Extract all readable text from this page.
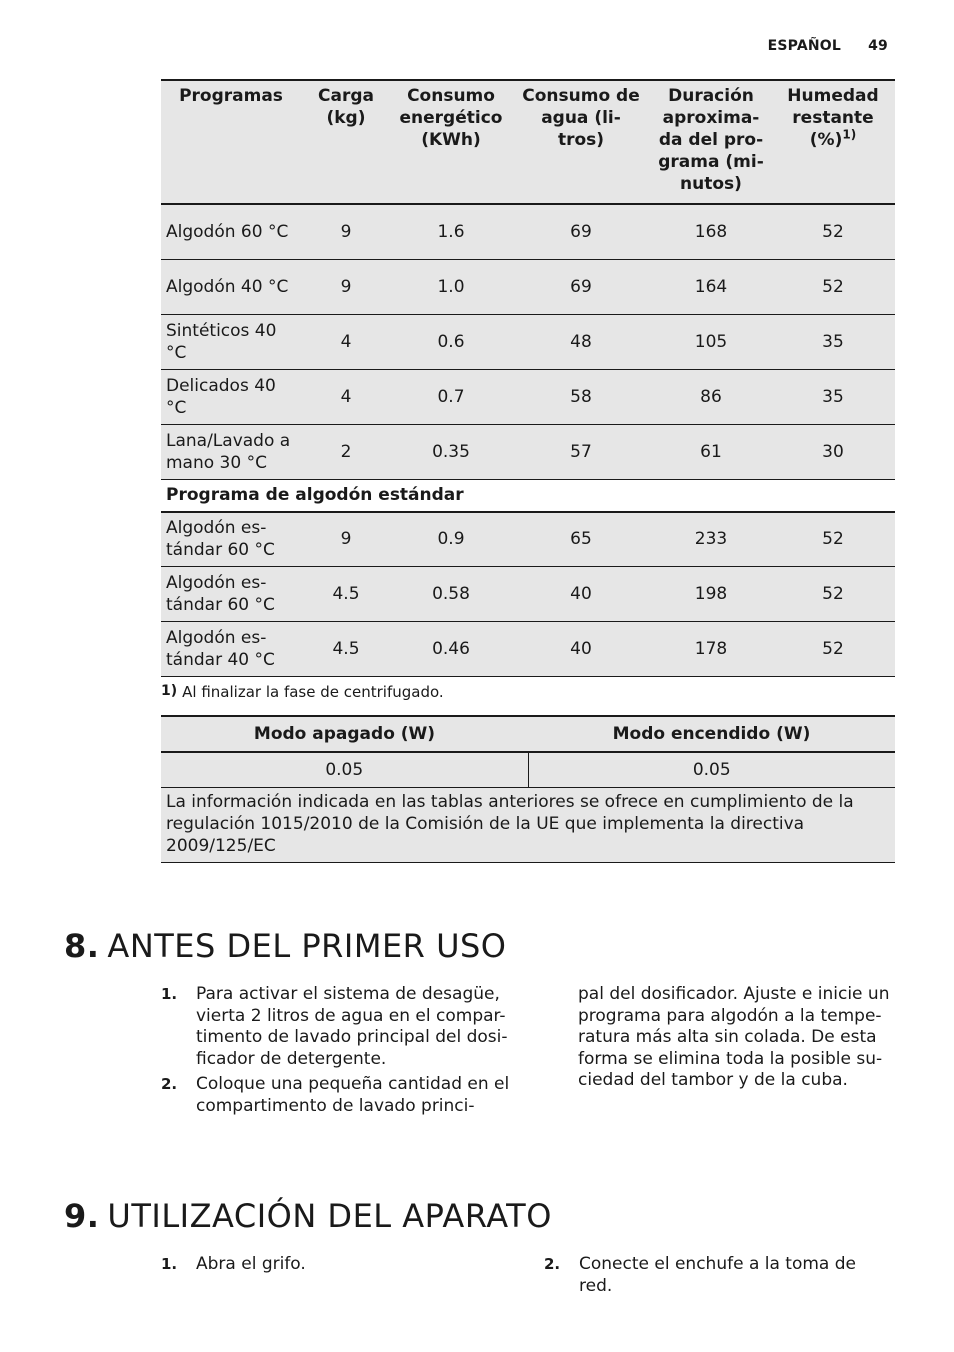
ESPAÑOL 49
Programas	Carga (kg)	Consumo energético (KWh)	Consumo de agua (li- tros)	Duración aproxima- da del pro- grama (mi- nutos)	Humedad restante (%)$^{1)}$
Algodón 60 °C	9	1.6	69	168	52
Algodón 40 °C	9	1.0	69	164	52
Sintéticos 40 °C	4	0.6	48	105	35
Delicados 40 °C	4	0.7	58	86	35
Lana/Lavado a mano 30 °C	2	0.35	57	61	30
Programa de algodón estándar					
Algodón es- tándar 60 °C	9	0.9	65	233	52
Algodón es- tándar 60 °C	4.5	0.58	40	198	52
Algodón es- tándar 40 °C	4.5	0.46	40	178	52
1) Al finalizar la fase de centrifugado.
Modo apagado (W)	Modo encendido (W)
0.05	0.05
La información indicada en las tablas anteriores se ofrece en cumplimiento de la regulación 1015/2010 de la Comisión de la UE que implementa la directiva 2009/125/EC	
8. ANTES DEL PRIMER USO
1. Para activar el sistema de desagüe, vierta 2 litros de agua en el compar- timento de lavado principal del dosi- ficador de detergente.
2. Coloque una pequeña cantidad en el compartimento de lavado princi-
pal del dosificador. Ajuste e inicie un programa para algodón a la tempe- ratura más alta sin colada. De esta forma se elimina toda la posible su- ciedad del tambor y de la cuba.
9. UTILIZACIÓN DEL APARATO
1. Abra el grifo.	2. Conecte el enchufe a la toma de red.
